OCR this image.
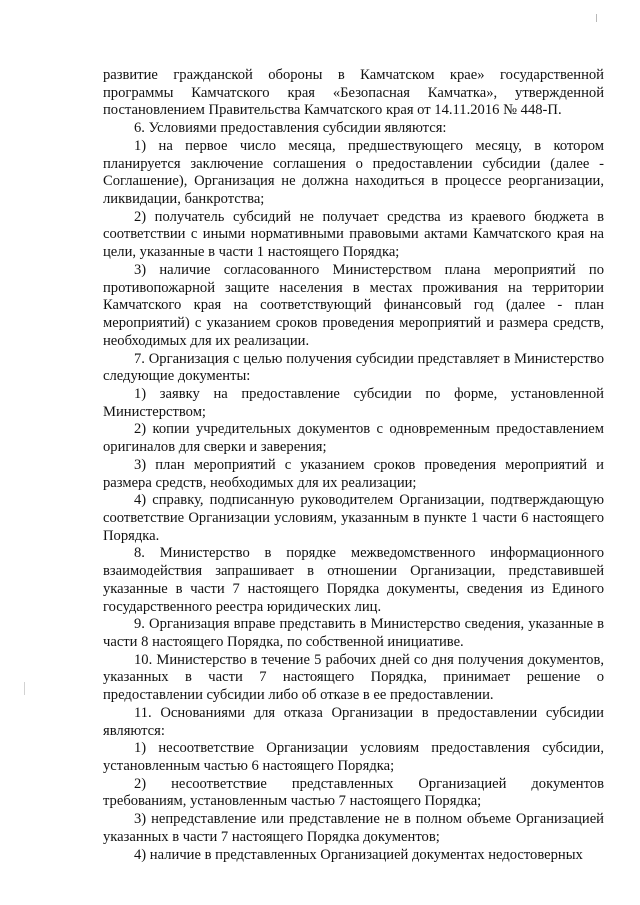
развитие гражданской обороны в Камчатском крае» государственной программы Камчатского края «Безопасная Камчатка», утвержденной постановлением Правительства Камчатского края от 14.11.2016 № 448-П.

6. Условиями предоставления субсидии являются:

1) на первое число месяца, предшествующего месяцу, в котором планируется заключение соглашения о предоставлении субсидии (далее - Соглашение), Организация не должна находиться в процессе реорганизации, ликвидации, банкротства;

2) получатель субсидий не получает средства из краевого бюджета в соответствии с иными нормативными правовыми актами Камчатского края на цели, указанные в части 1 настоящего Порядка;

3) наличие согласованного Министерством плана мероприятий по противопожарной защите населения в местах проживания на территории Камчатского края на соответствующий финансовый год (далее - план мероприятий) с указанием сроков проведения мероприятий и размера средств, необходимых для их реализации.

7. Организация с целью получения субсидии представляет в Министерство следующие документы:

1) заявку на предоставление субсидии по форме, установленной Министерством;

2) копии учредительных документов с одновременным предоставлением оригиналов для сверки и заверения;

3) план мероприятий с указанием сроков проведения мероприятий и размера средств, необходимых для их реализации;

4) справку, подписанную руководителем Организации, подтверждающую соответствие Организации условиям, указанным в пункте 1 части 6 настоящего Порядка.

8. Министерство в порядке межведомственного информационного взаимодействия запрашивает в отношении Организации, представившей указанные в части 7 настоящего Порядка документы, сведения из Единого государственного реестра юридических лиц.

9. Организация вправе представить в Министерство сведения, указанные в части 8 настоящего Порядка, по собственной инициативе.

10. Министерство в течение 5 рабочих дней со дня получения документов, указанных в части 7 настоящего Порядка, принимает решение о предоставлении субсидии либо об отказе в ее предоставлении.

11. Основаниями для отказа Организации в предоставлении субсидии являются:

1) несоответствие Организации условиям предоставления субсидии, установленным частью 6 настоящего Порядка;

2) несоответствие представленных Организацией документов требованиям, установленным частью 7 настоящего Порядка;

3) непредставление или представление не в полном объеме Организацией указанных в части 7 настоящего Порядка документов;

4) наличие в представленных Организацией документах недостоверных
